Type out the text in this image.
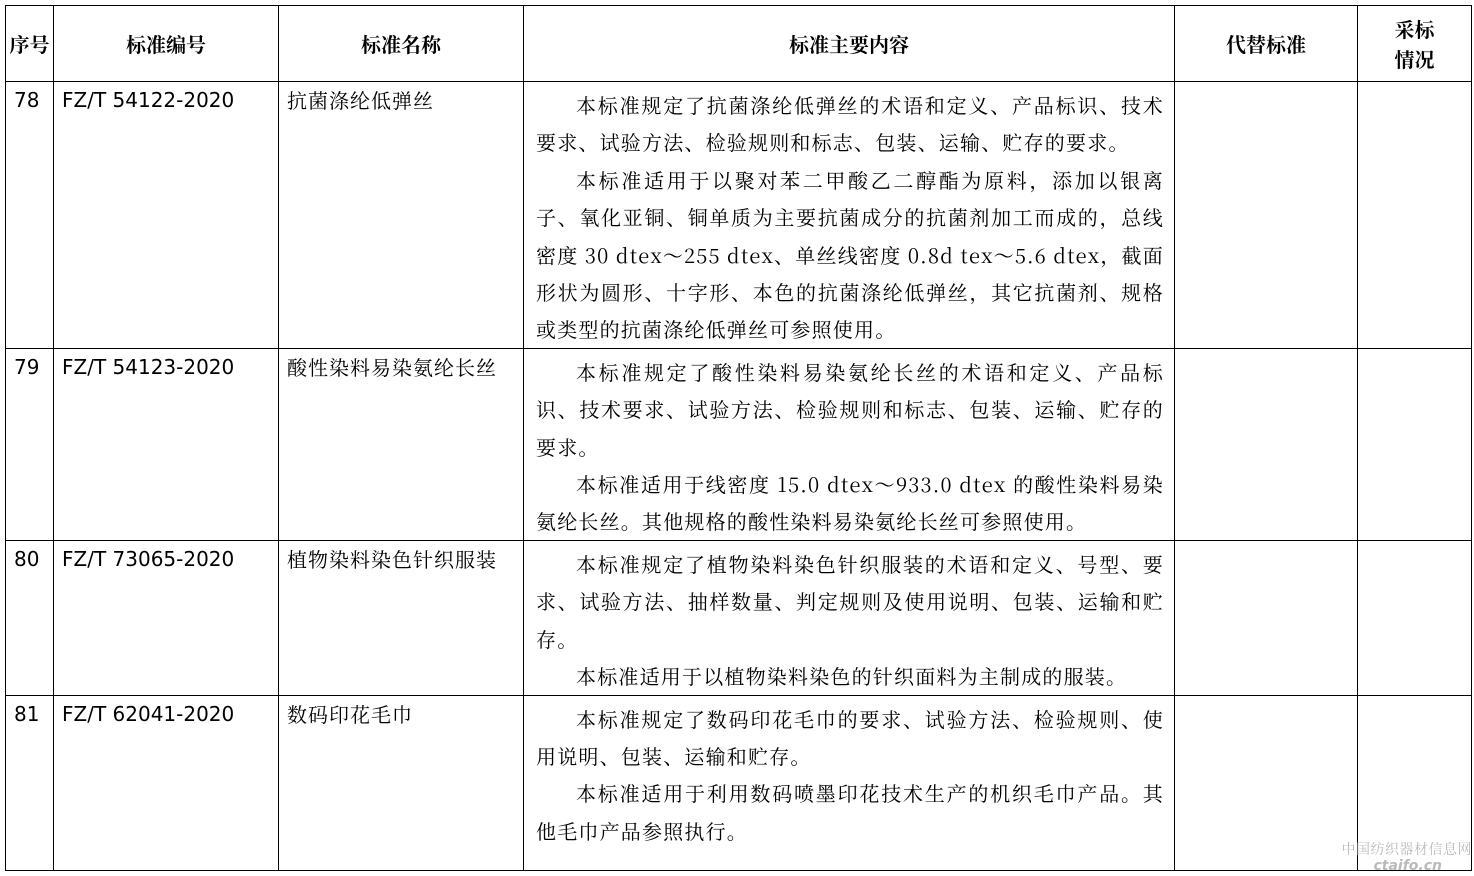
序号	标准编号	标准名称	标准主要内容	代替标准	采标情况
78	FZ/T 54122-2020	抗菌涤纶低弹丝	本标准规定了抗菌涤纶低弹丝的术语和定义、产品标识、技术要求、试验方法、检验规则和标志、包装、运输、贮存的要求。

本标准适用于以聚对苯二甲酸乙二醇酯为原料，添加以银离子、氧化亚铜、铜单质为主要抗菌成分的抗菌剂加工而成的，总线密度 30 dtex～255 dtex、单丝线密度 0.8d tex～5.6 dtex，截面形状为圆形、十字形、本色的抗菌涤纶低弹丝，其它抗菌剂、规格或类型的抗菌涤纶低弹丝可参照使用。		

79	FZ/T 54123-2020	酸性染料易染氨纶长丝	本标准规定了酸性染料易染氨纶长丝的术语和定义、产品标识、技术要求、试验方法、检验规则和标志、包装、运输、贮存的要求。

本标准适用于线密度 15.0 dtex～933.0 dtex 的酸性染料易染氨纶长丝。其他规格的酸性染料易染氨纶长丝可参照使用。		

80	FZ/T 73065-2020	植物染料染色针织服装	本标准规定了植物染料染色针织服装的术语和定义、号型、要求、试验方法、抽样数量、判定规则及使用说明、包装、运输和贮存。

本标准适用于以植物染料染色的针织面料为主制成的服装。		

81	FZ/T 62041-2020	数码印花毛巾	本标准规定了数码印花毛巾的要求、试验方法、检验规则、使用说明、包装、运输和贮存。

本标准适用于利用数码喷墨印花技术生产的机织毛巾产品。其他毛巾产品参照执行。		

中国纺织器材信息网
ctaifo.cn
